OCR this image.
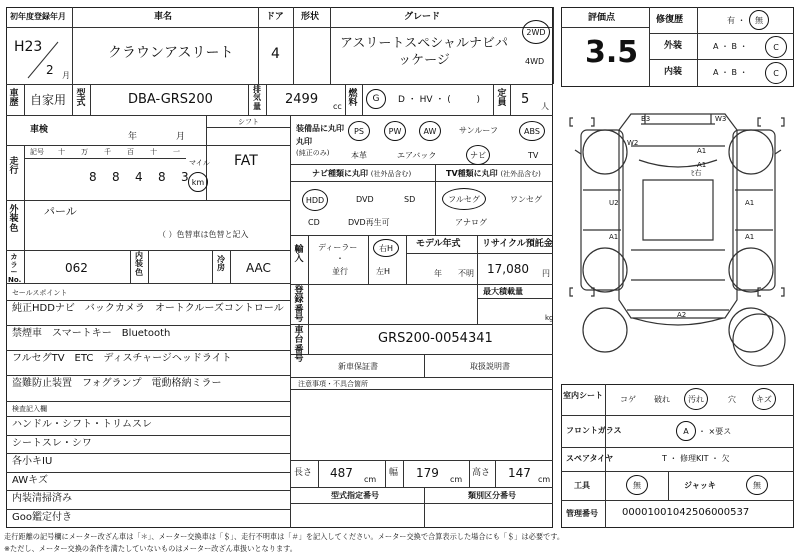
初年度登録年月
H23
2 月
車名
クラウンアスリート
ドア
4
形状	グレード
アスリートスペシャルナビパッケージ
2WD
4WD
車歴 自家用 型式	DBA-GRS200
排気量 2499 cc
燃料 G D ・ HV ・ (         )
定員 5 人
車検
年	月
シフト
FAT
走行
記号 十 万 千 百 十 一
8 8 4 8 3
マイル
km
外装色
パール
（ ）色替車は色替と記入
カラーNo.
062
内装色
冷房 AAC
セールスポイント
純正HDDナビ　バックカメラ　オートクルーズコントロール
禁煙車　スマートキー　Bluetooth
フルセグTV　ETC　ディスチャージヘッドライト
盗難防止装置　フォグランプ　電動格納ミラー
検査記入欄
ハンドル・シフト・トリムスレ
シートスレ・シワ
各小キIU
AWキズ
内装清掃済み
Goo鑑定付き
装備品に丸印
丸印
(純正のみ)
PS	PW	AW	サンルーフ	ABS
本革	エアバック	ナビ	TV
ナビ種類に丸印 (社外品含む)
HDD	DVD	SD
CD	DVD再生可
TV種類に丸印 (社外品含む)
フルセグ	ワンセグ
アナログ
輸入
ディーラー
・
並行
右H
左H
モデル年式
年 不明
リサイクル預託金
17,080 円
登録番号
最大積載量
kg
車台番号
GRS200-0054341
新車保証書	取扱説明書
注意事項・不具合箇所
長さ 487 cm
幅 179 cm
高さ 147 cm
型式指定番号	類別区分番号
評価点
3.5
修復歴	有 ・ 無
外装	A ・ B ・	C
内装	A ・ B ・	C
B3	W3
W2
A1
ﾋ右
A1
U2
A1
A1
A1
A2
室内シート コゲ 破れ 汚れ	穴	キズ
フロントガラス	A	・ ×要ス
スペアタイヤ	T ・ 修理KIT ・ 欠
工具	無	ジャッキ	無
管理番号 0000100104250600053​7
走行距離の記号欄にメーター改ざん車は「＊」、メーター交換車は「＄」、走行不明車は「＃」を記入してください。メーター交換で合算表示した場合にも「＄」は必要です。
※ただし、メーター交換の条件を満たしていないものはメーター改ざん車扱いとなります。
